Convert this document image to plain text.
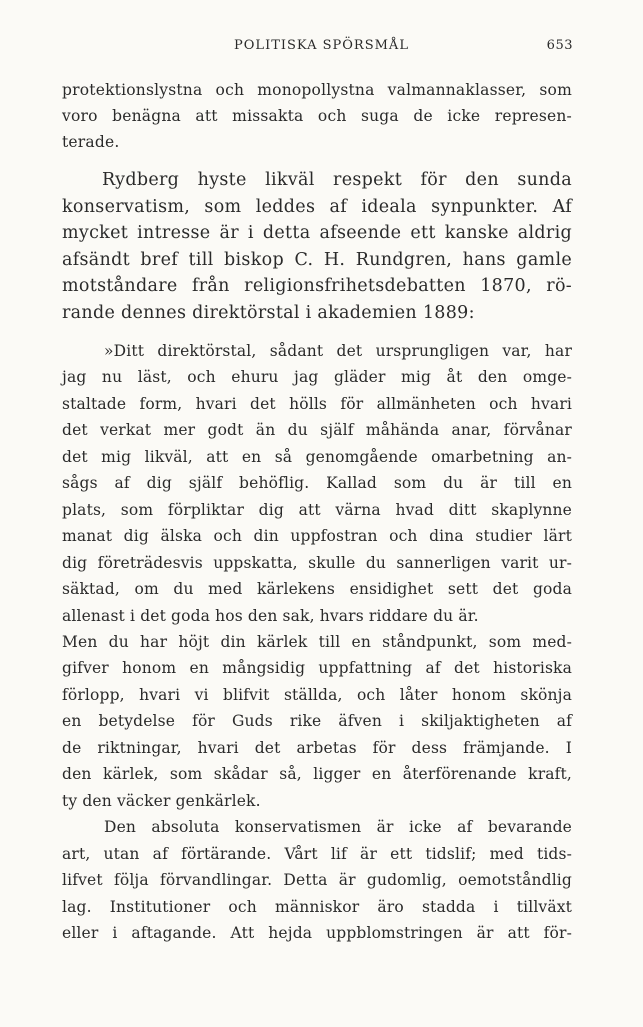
POLITISKA SPÖRSMÅL	653
protektionslystna och monopollystna valmannaklasser, som
voro benägna att missakta och suga de icke represen-
terade.
Rydberg hyste likväl respekt för den sunda
konservatism, som leddes af ideala synpunkter. Af
mycket intresse är i detta afseende ett kanske aldrig
afsändt bref till biskop C. H. Rundgren, hans gamle
motståndare från religionsfrihetsdebatten 1870, rö-
rande dennes direktörstal i akademien 1889:
»Ditt direktörstal, sådant det ursprungligen var, har
jag nu läst, och ehuru jag gläder mig åt den omge-
staltade form, hvari det hölls för allmänheten och hvari
det verkat mer godt än du själf måhända anar, förvånar
det mig likväl, att en så genomgående omarbetning an-
sågs af dig själf behöflig. Kallad som du är till en
plats, som förpliktar dig att värna hvad ditt skaplynne
manat dig älska och din uppfostran och dina studier lärt
dig företrädesvis uppskatta, skulle du sannerligen varit ur-
säktad, om du med kärlekens ensidighet sett det goda
allenast i det goda hos den sak, hvars riddare du är.
Men du har höjt din kärlek till en ståndpunkt, som med-
gifver honom en mångsidig uppfattning af det historiska
förlopp, hvari vi blifvit ställda, och låter honom skönja
en betydelse för Guds rike äfven i skiljaktigheten af
de riktningar, hvari det arbetas för dess främjande. I
den kärlek, som skådar så, ligger en återförenande kraft,
ty den väcker genkärlek.
Den absoluta konservatismen är icke af bevarande
art, utan af förtärande. Vårt lif är ett tidslif; med tids-
lifvet följa förvandlingar. Detta är gudomlig, oemotståndlig
lag. Institutioner och människor äro stadda i tillväxt
eller i aftagande. Att hejda uppblomstringen är att för-
